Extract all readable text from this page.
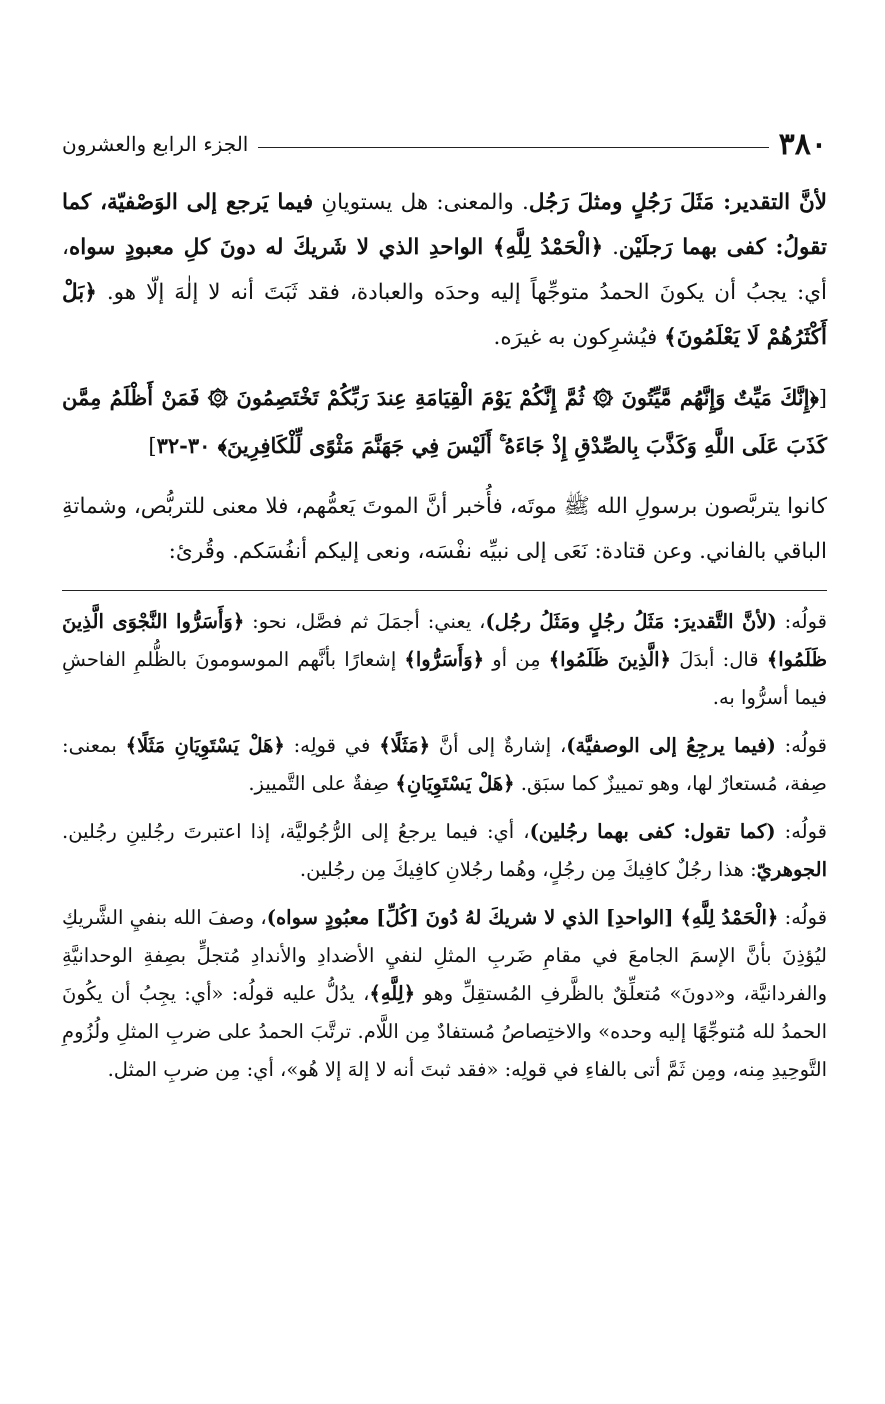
٣٨٠
الجزء الرابع والعشرون

لأنَّ التقدير: مَثَلَ رَجُلٍ ومثلَ رَجُل. والمعنى: هل يستويانِ فيما يَرجع إلى الوَصْفيّة، كما تقولُ: كفى بهما رَجلَيْن. ﴿الْحَمْدُ لِلَّهِ﴾ الواحدِ الذي لا شَريكَ له دونَ كلِ معبودٍ سواه، أي: يجبُ أن يكونَ الحمدُ متوجِّهاً إليه وحدَه والعبادة، فقد ثَبَتَ أنه لا إلٰهَ إلّا هو. ﴿بَلْ أَكْثَرُهُمْ لَا يَعْلَمُونَ﴾ فيُشرِكون به غيرَه.

[﴿إِنَّكَ مَيِّتٌ وَإِنَّهُم مَّيِّتُونَ ۞ ثُمَّ إِنَّكُمْ يَوْمَ الْقِيَامَةِ عِندَ رَبِّكُمْ تَخْتَصِمُونَ ۞ فَمَنْ أَظْلَمُ مِمَّن كَذَبَ عَلَى اللَّهِ وَكَذَّبَ بِالصِّدْقِ إِذْ جَاءَهُ ۚ أَلَيْسَ فِي جَهَنَّمَ مَثْوًى لِّلْكَافِرِينَ﴾ ٣٠-٣٢]

كانوا يتربَّصون برسولِ الله ﷺ موتَه، فأُخبر أنَّ الموتَ يَعمُّهم، فلا معنى للتربُّص، وشماتةِ الباقي بالفاني. وعن قتادة: نَعَى إلى نبيِّه نفْسَه، ونعى إليكم أنفُسَكم. وقُرئ:

قولُه: (لأنَّ التَّقديرَ: مَثَلُ رجُلٍ ومَثَلُ رجُل)، يعني: أجمَلَ ثم فصَّل، نحو: ﴿وَأَسَرُّوا النَّجْوَى الَّذِينَ ظَلَمُوا﴾ قال: أبدَلَ ﴿الَّذِينَ ظَلَمُوا﴾ مِن أو ﴿وَأَسَرُّوا﴾ إشعارًا بأنَّهم الموسومونَ بالظُّلمِ الفاحشِ فيما أسرُّوا به.

قولُه: (فيما يرجِعُ إلى الوصفيَّة)، إشارةٌ إلى أنَّ ﴿مَثَلًا﴾ في قولِه: ﴿هَلْ يَسْتَوِيَانِ مَثَلًا﴾ بمعنى: صِفة، مُستعارٌ لها، وهو تمييزٌ كما سبَق. ﴿هَلْ يَسْتَوِيَانِ﴾ صِفةٌ على التَّمييز.

قولُه: (كما تقول: كفى بهما رجُلين)، أي: فيما يرجعُ إلى الرُّجُوليَّة، إذا اعتبرتَ رجُلينِ رجُلين. الجوهريّ: هذا رجُلٌ كافِيكَ مِن رجُلٍ، وهُما رجُلانِ كافِيكَ مِن رجُلين.

قولُه: ﴿الْحَمْدُ لِلَّهِ﴾ [الواحدِ] الذي لا شريكَ لهُ دُونَ [كُلِّ] معبُودٍ سواه)، وصفَ الله بنفيِ الشَّريكِ ليُؤذِنَ بأنَّ الإسمَ الجامعَ في مقامِ ضَربِ المثلِ لنفيِ الأضدادِ والأندادِ مُتجلٍّ بصِفةِ الوحدانيَّةِ والفردانيَّة، و«دونَ» مُتعلِّقٌ بالظَّرفِ المُستقِلِّ وهو ﴿لِلَّهِ﴾، يدُلُّ عليه قولُه: «أي: يجِبُ أن يكُونَ الحمدُ لله مُتوجِّهًا إليه وحده» والاختِصاصُ مُستفادٌ مِن اللَّام. ترتَّبَ الحمدُ على ضربِ المثلِ ولُزُومِ التَّوحِيدِ مِنه، ومِن ثَمَّ أتى بالفاءِ في قولِه: «فقد ثبتَ أنه لا إلهَ إلا هُو»، أي: مِن ضربِ المثل.
